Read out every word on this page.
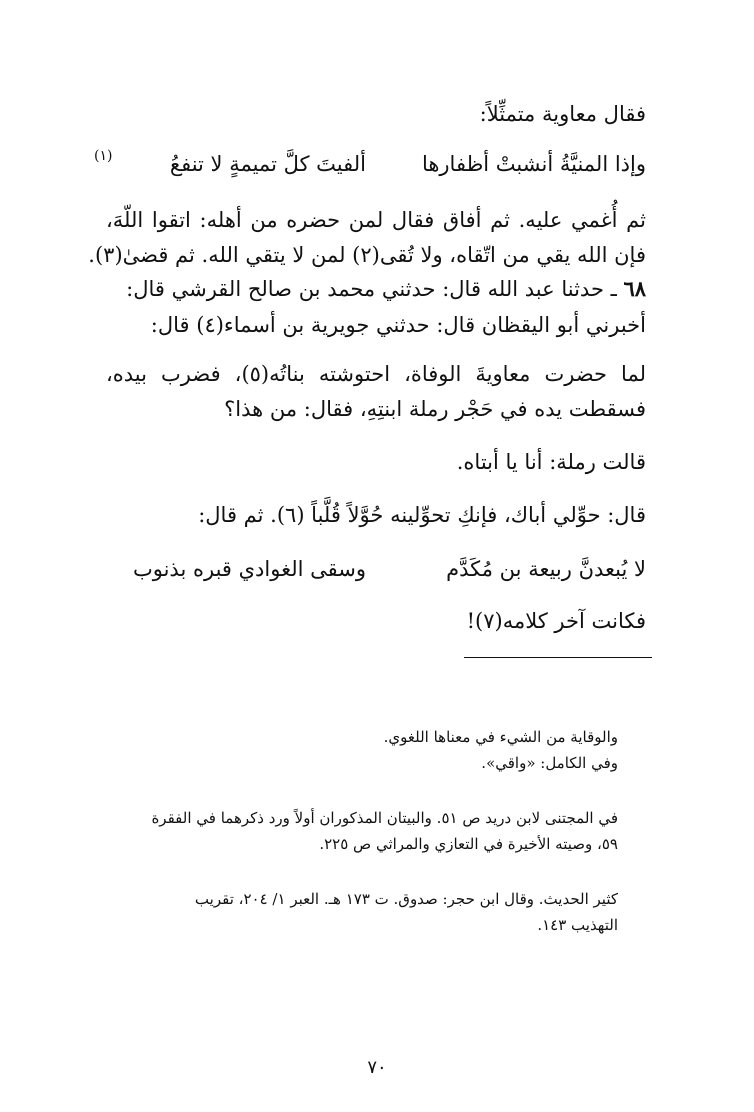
فقال معاوية متمثِّلاً:
وإذا المنيَّةُ أنشبتْ أظفارها
ألفيتَ كلَّ تميمةٍ لا تنفعُ
(١)
ثم أُغمي عليه. ثم أفاق فقال لمن حضره من أهله: اتقوا اللّهَ،
فإن الله يقي من اتّقاه، ولا تُقى(٢) لمن لا يتقي الله. ثم قضىٰ(٣).
٦٨ ـ حدثنا عبد الله قال: حدثني محمد بن صالح القرشي قال:
أخبرني أبو اليقظان قال: حدثني جويرية بن أسماء(٤) قال:
لما حضرت معاويةَ الوفاة، احتوشته بناتُه(٥)، فضرب بيده،
فسقطت يده في حَجْر رملة ابنتِهِ، فقال: من هذا؟
قالت رملة: أنا يا أبتاه.
قال: حوِّلي أباك، فإنكِ تحوِّلينه حُوَّلاً قُلَّباً (٦). ثم قال:
لا يُبعدنَّ ربيعة بن مُكَدَّم
وسقى الغوادي قبره بذنوب
فكانت آخر كلامه(٧)!
والوقاية من الشيء في معناها اللغوي.
وفي الكامل: «واقي».
في المجتنى لابن دريد ص ٥١. والبيتان المذكوران أولاً ورد ذكرهما في الفقرة
٥٩، وصيته الأخيرة في التعازي والمراثي ص ٢٢٥.
كثير الحديث. وقال ابن حجر: صدوق. ت ١٧٣ هـ. العبر ١/ ٢٠٤، تقريب
التهذيب ١٤٣.
٧٠
